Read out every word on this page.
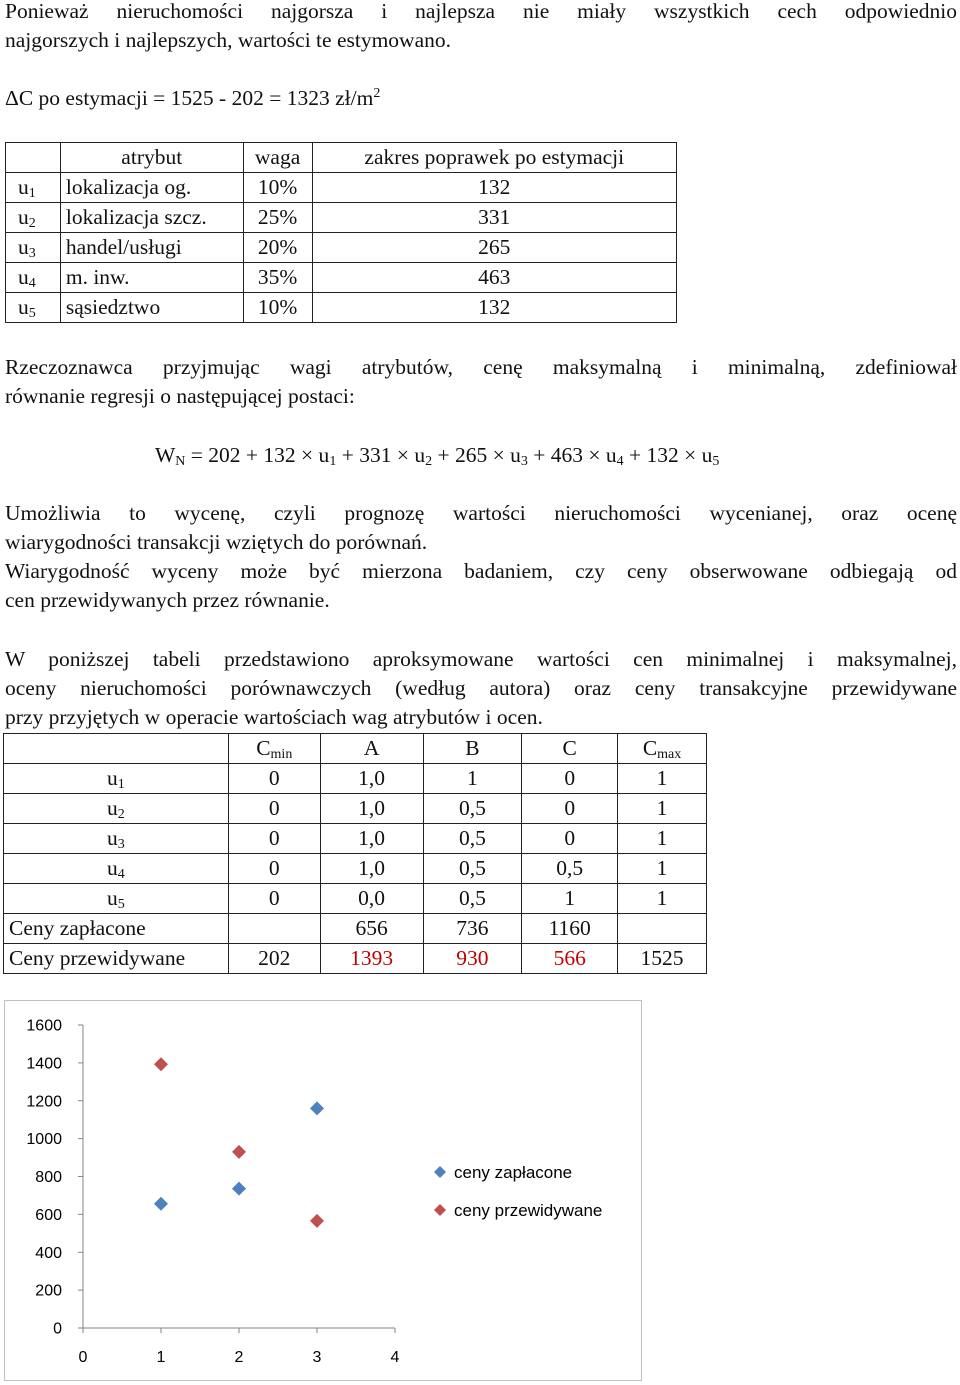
Ponieważ nieruchomości najgorsza i najlepsza nie miały wszystkich cech odpowiednio
najgorszych i najlepszych, wartości te estymowano.
ΔC po estymacji = 1525 - 202 = 1323 $zł/m^2$
	atrybut	waga	zakres poprawek po estymacji
$u_1$	lokalizacja og.	10%	132
$u_2$	lokalizacja szcz.	25%	331
$u_3$	handel/usługi	20%	265
$u_4$	m. inw.	35%	463
$u_5$	sąsiedztwo	10%	132
Rzeczoznawca przyjmując wagi atrybutów, cenę maksymalną i minimalną, zdefiniował
równanie regresji o następującej postaci:
$W_N = 202 + 132 \times u_1 + 331 \times u_2 + 265 \times u_3 + 463 \times u_4 + 132 \times u_5$
Umożliwia to wycenę, czyli prognozę wartości nieruchomości wycenianej, oraz ocenę
wiarygodności transakcji wziętych do porównań.
Wiarygodność wyceny może być mierzona badaniem, czy ceny obserwowane odbiegają od
cen przewidywanych przez równanie.
W poniższej tabeli przedstawiono aproksymowane wartości cen minimalnej i maksymalnej,
oceny nieruchomości porównawczych (według autora) oraz ceny transakcyjne przewidywane
przy przyjętych w operacie wartościach wag atrybutów i ocen.
	$C_{min}$	A	B	C	$C_{max}$
$u_1$	0	1,0	1	0	1
$u_2$	0	1,0	0,5	0	1
$u_3$	0	1,0	0,5	0	1
$u_4$	0	1,0	0,5	0,5	1
$u_5$	0	0,0	0,5	1	1
Ceny zapłacone		656	736	1160	
Ceny przewidywane	202	1393	930	566	1525
0
200
400
600
800
1000
1200
1400
1600
0	1	2	3	4
ceny zapłacone
ceny przewidywane
